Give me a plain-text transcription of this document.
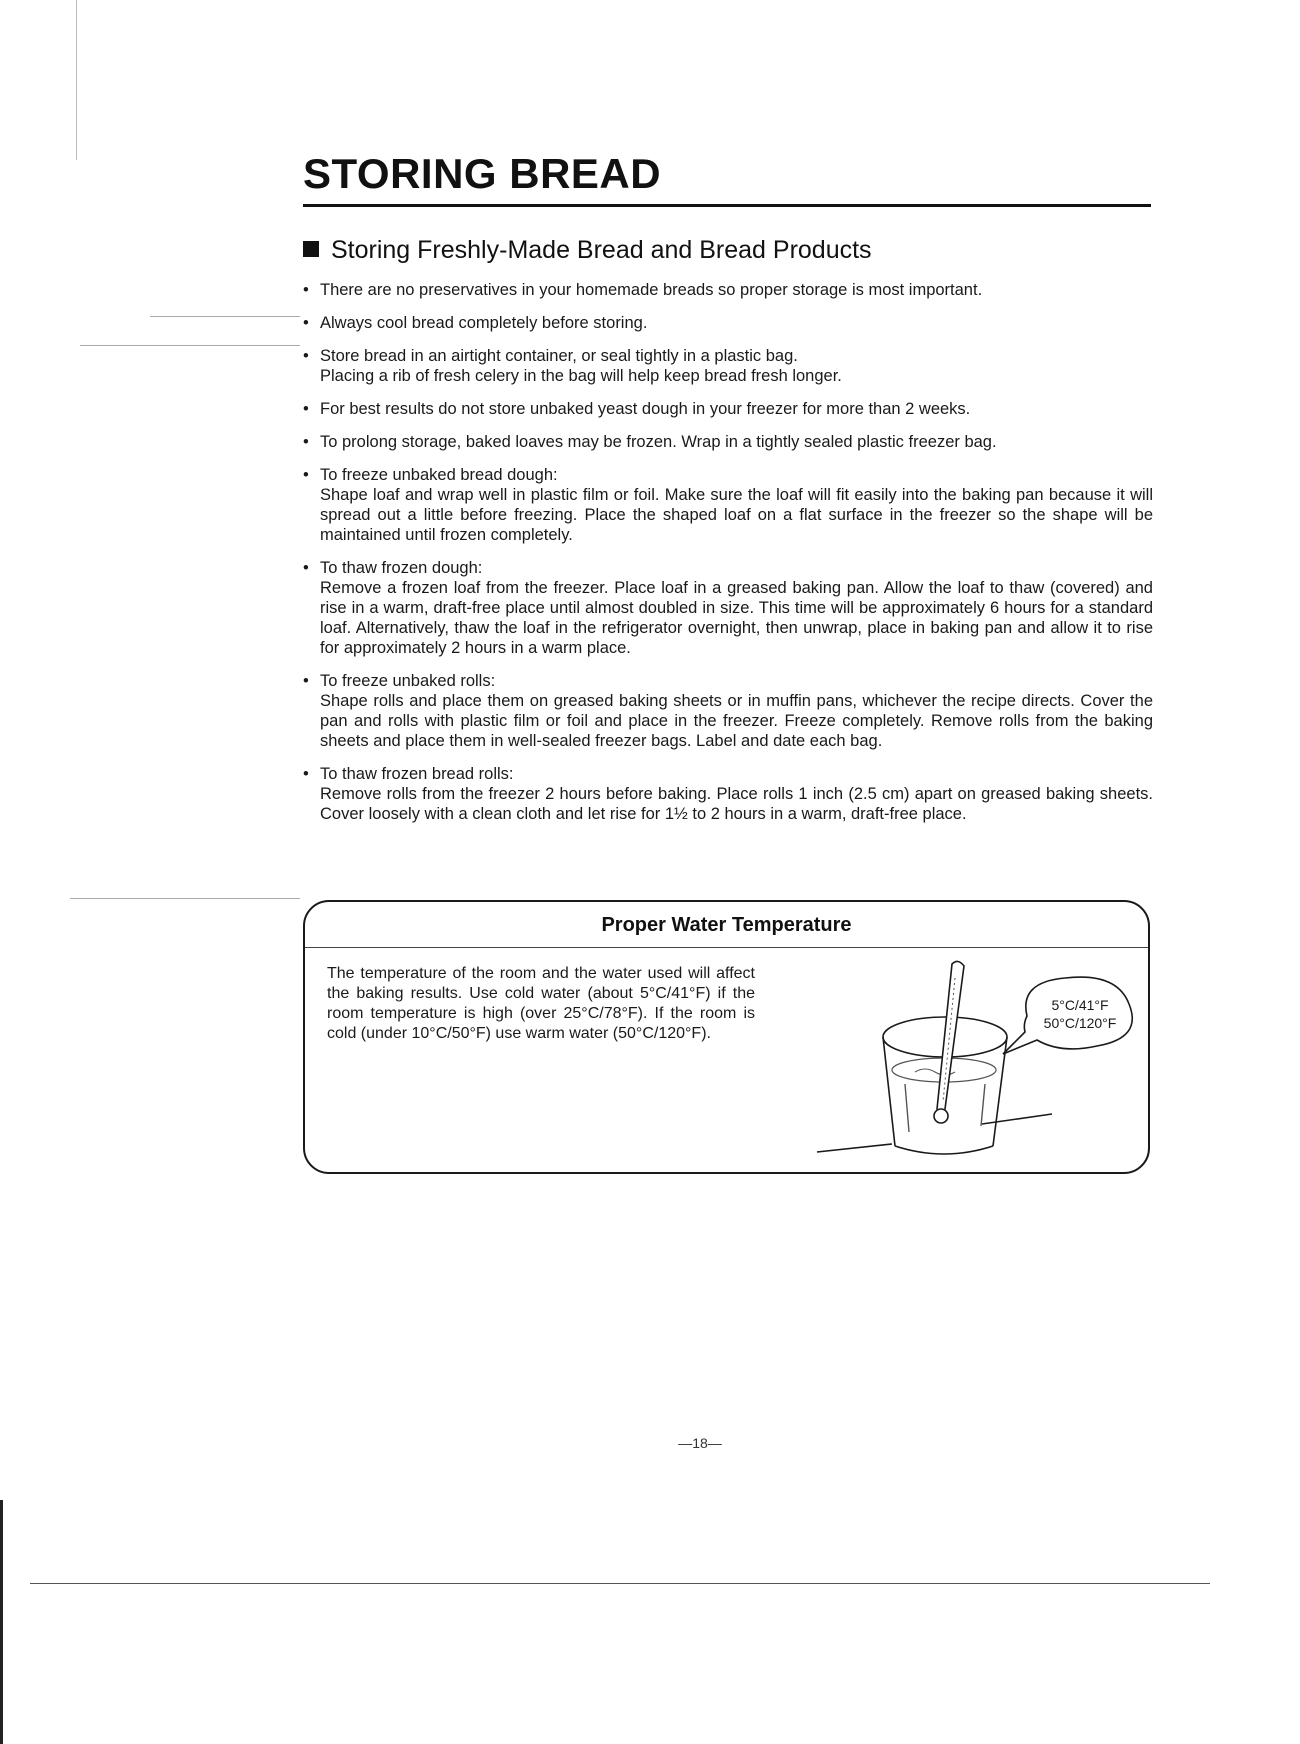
STORING BREAD
Storing Freshly-Made Bread and Bread Products
• There are no preservatives in your homemade breads so proper storage is most important.
• Always cool bread completely before storing.
• Store bread in an airtight container, or seal tightly in a plastic bag.
Placing a rib of fresh celery in the bag will help keep bread fresh longer.
• For best results do not store unbaked yeast dough in your freezer for more than 2 weeks.
• To prolong storage, baked loaves may be frozen. Wrap in a tightly sealed plastic freezer bag.
• To freeze unbaked bread dough:
Shape loaf and wrap well in plastic film or foil. Make sure the loaf will fit easily into the baking pan because it will spread out a little before freezing. Place the shaped loaf on a flat surface in the freezer so the shape will be maintained until frozen completely.
• To thaw frozen dough:
Remove a frozen loaf from the freezer. Place loaf in a greased baking pan. Allow the loaf to thaw (covered) and rise in a warm, draft-free place until almost doubled in size. This time will be approximately 6 hours for a standard loaf. Alternatively, thaw the loaf in the refrigerator overnight, then unwrap, place in baking pan and allow it to rise for approximately 2 hours in a warm place.
• To freeze unbaked rolls:
Shape rolls and place them on greased baking sheets or in muffin pans, whichever the recipe directs. Cover the pan and rolls with plastic film or foil and place in the freezer. Freeze completely. Remove rolls from the baking sheets and place them in well-sealed freezer bags. Label and date each bag.
• To thaw frozen bread rolls:
Remove rolls from the freezer 2 hours before baking. Place rolls 1 inch (2.5 cm) apart on greased baking sheets. Cover loosely with a clean cloth and let rise for 1½ to 2 hours in a warm, draft-free place.
Proper Water Temperature

The temperature of the room and the water used will affect the baking results. Use cold water (about 5°C/41°F) if the room temperature is high (over 25°C/78°F). If the room is cold (under 10°C/50°F) use warm water (50°C/120°F).

5°C/41°F
50°C/120°F

—18—
